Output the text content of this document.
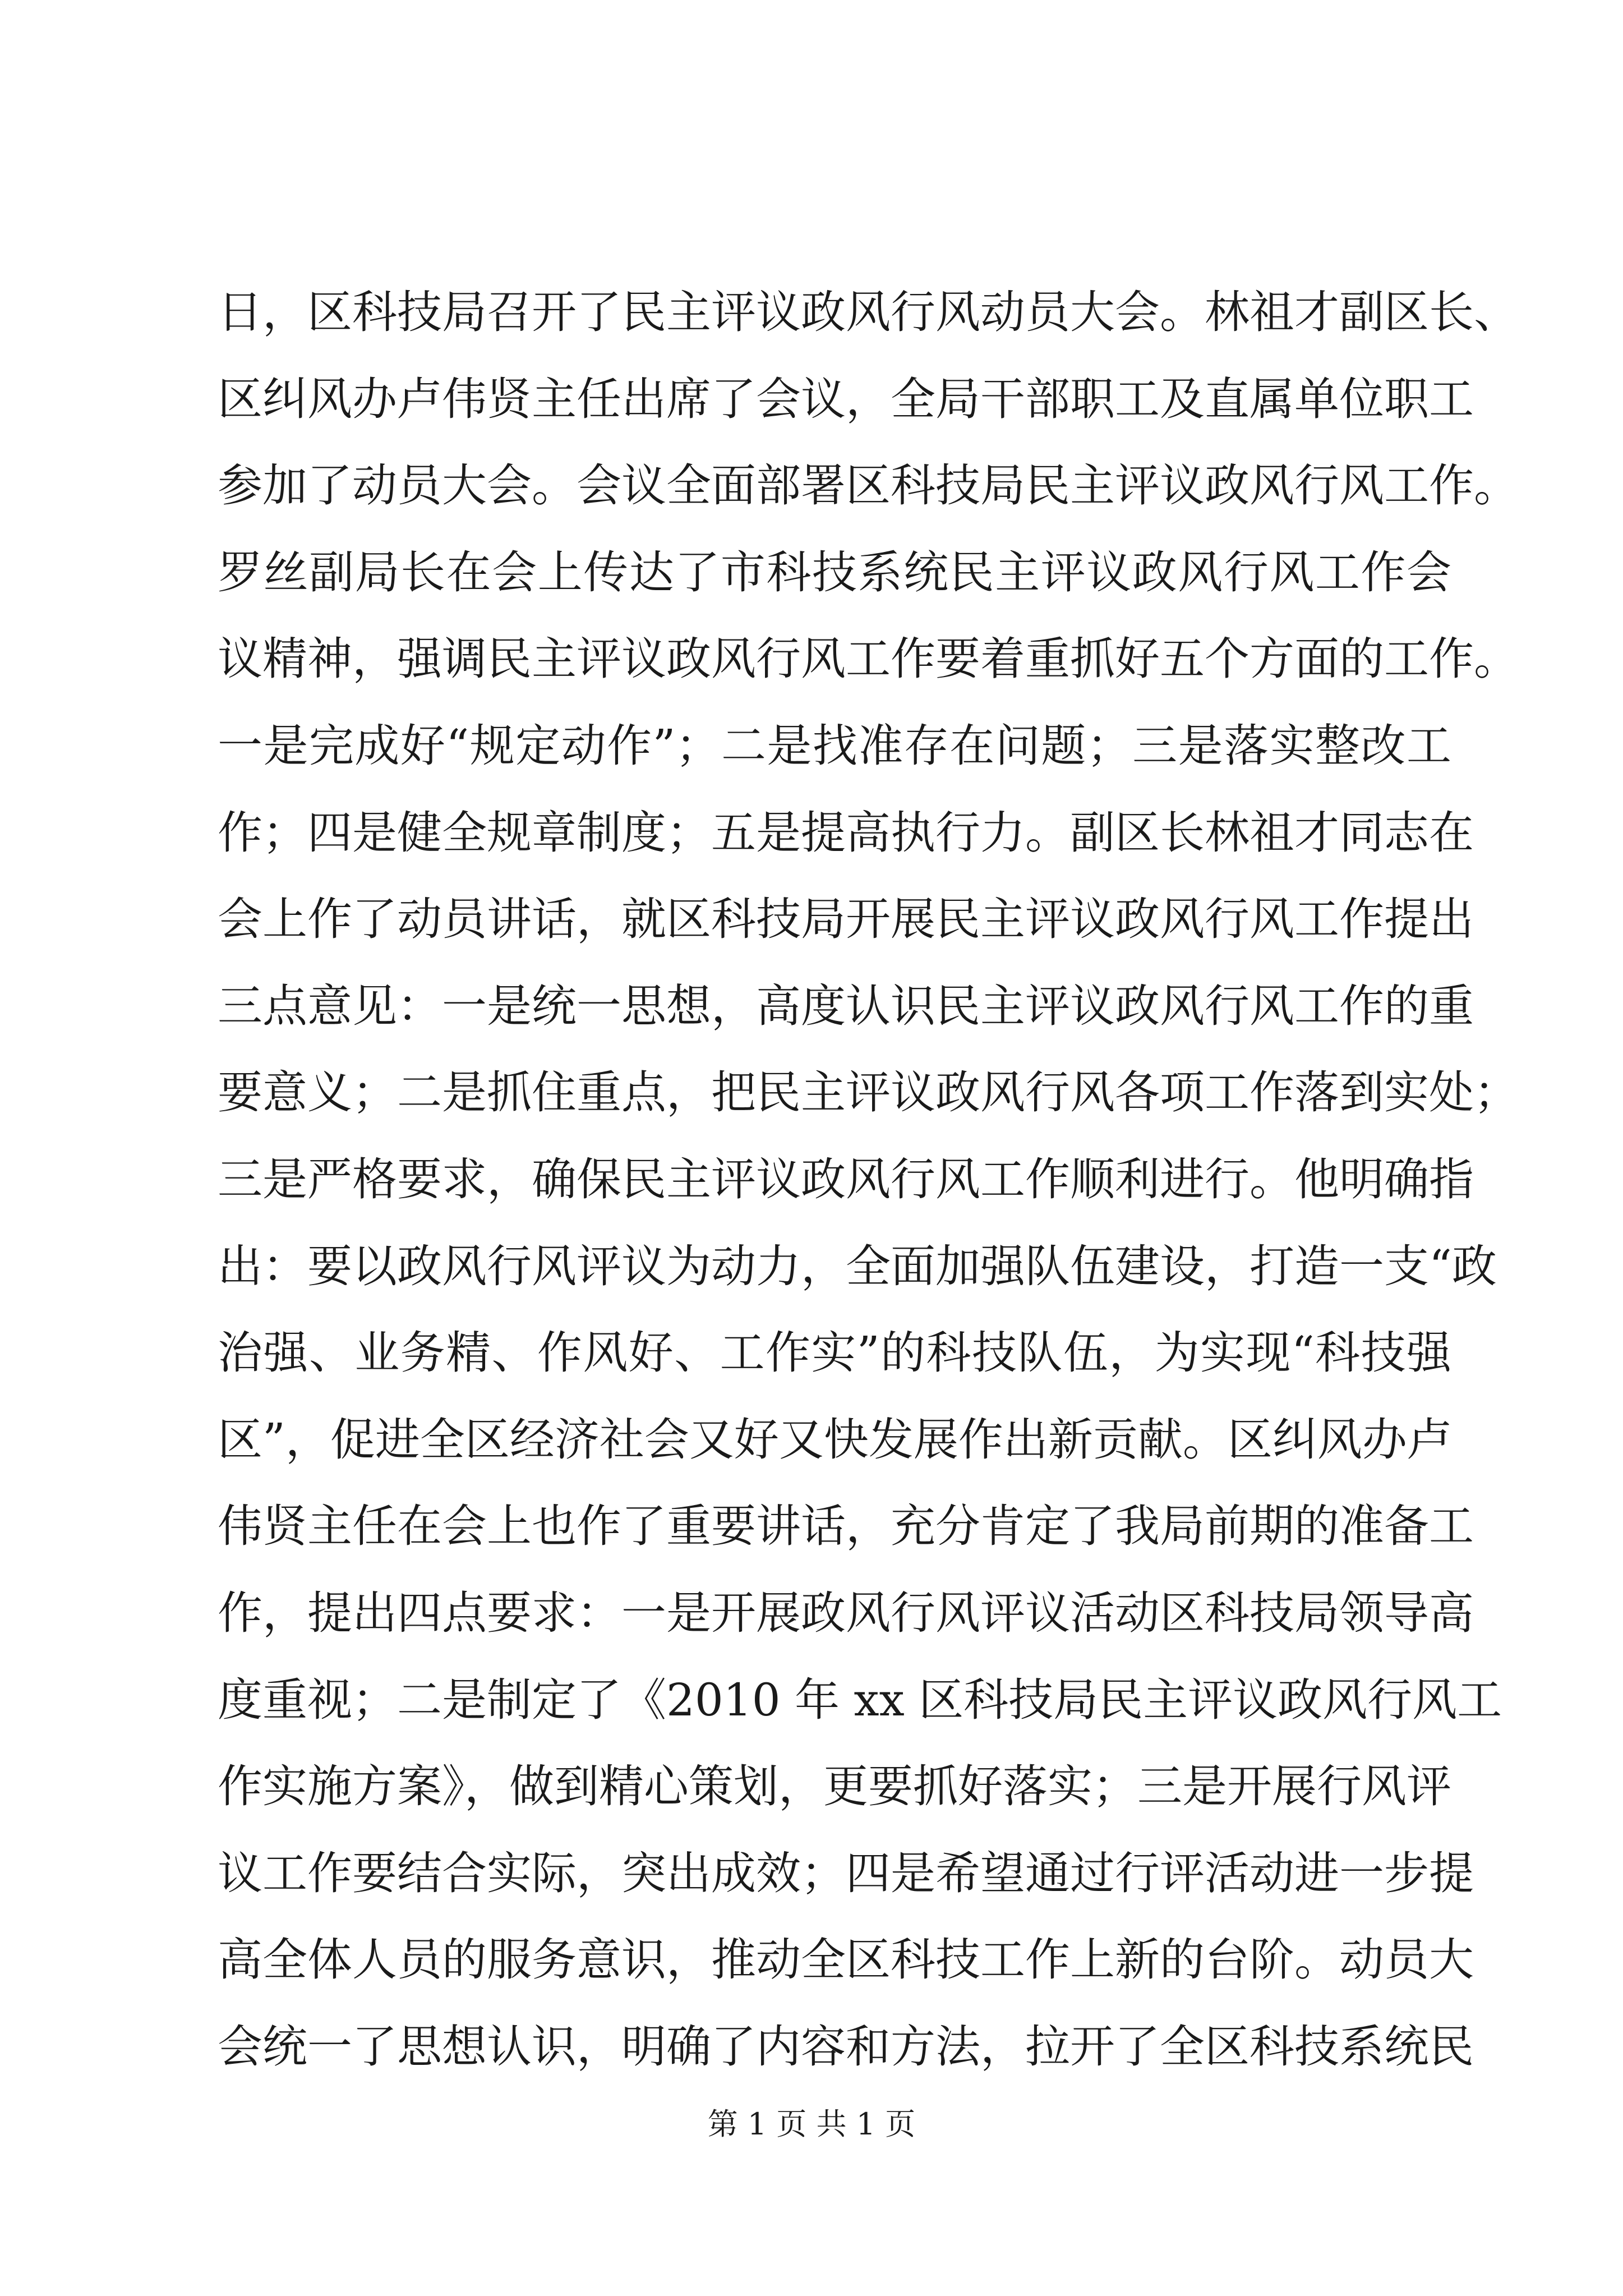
日，区科技局召开了民主评议政风行风动员大会。林祖才副区长、
区纠风办卢伟贤主任出席了会议，全局干部职工及直属单位职工
参加了动员大会。会议全面部署区科技局民主评议政风行风工作。
罗丝副局长在会上传达了市科技系统民主评议政风行风工作会
议精神，强调民主评议政风行风工作要着重抓好五个方面的工作。
一是完成好“规定动作”；二是找准存在问题；三是落实整改工
作；四是健全规章制度；五是提高执行力。副区长林祖才同志在
会上作了动员讲话，就区科技局开展民主评议政风行风工作提出
三点意见：一是统一思想，高度认识民主评议政风行风工作的重
要意义；二是抓住重点，把民主评议政风行风各项工作落到实处；
三是严格要求，确保民主评议政风行风工作顺利进行。他明确指
出：要以政风行风评议为动力，全面加强队伍建设，打造一支“政
治强、业务精、作风好、工作实”的科技队伍，为实现“科技强
区”，促进全区经济社会又好又快发展作出新贡献。区纠风办卢
伟贤主任在会上也作了重要讲话，充分肯定了我局前期的准备工
作，提出四点要求：一是开展政风行风评议活动区科技局领导高
度重视；二是制定了《2010 年 xx 区科技局民主评议政风行风工
作实施方案》，做到精心策划，更要抓好落实；三是开展行风评
议工作要结合实际，突出成效；四是希望通过行评活动进一步提
高全体人员的服务意识，推动全区科技工作上新的台阶。动员大
会统一了思想认识，明确了内容和方法，拉开了全区科技系统民
第 1 页 共 1 页
